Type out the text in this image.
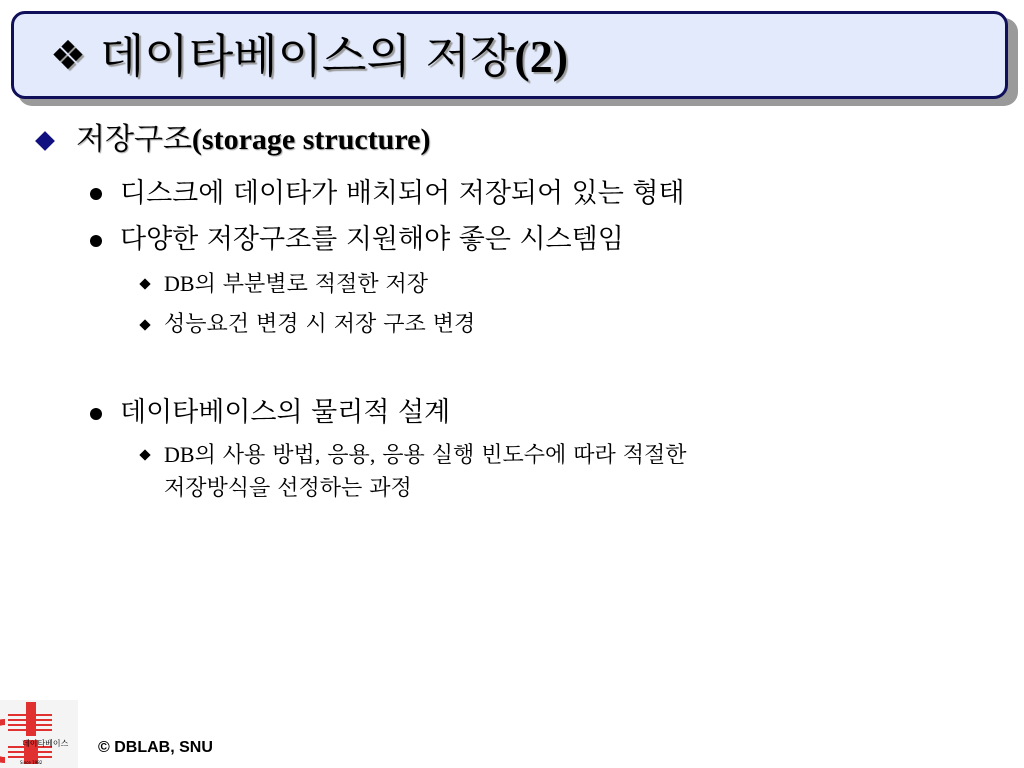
❖ 데이타베이스의 저장(2)
저장구조(storage structure)
디스크에 데이타가 배치되어 저장되어 있는 형태
다양한 저장구조를 지원해야 좋은 시스템임
DB의 부분별로 적절한 저장
성능요건 변경 시 저장 구조 변경
데이타베이스의 물리적 설계
DB의 사용 방법, 응용, 응용 실행 빈도수에 따라 적절한
저장방식을 선정하는 과정
데이타베이스
Since 1982
© DBLAB, SNU
